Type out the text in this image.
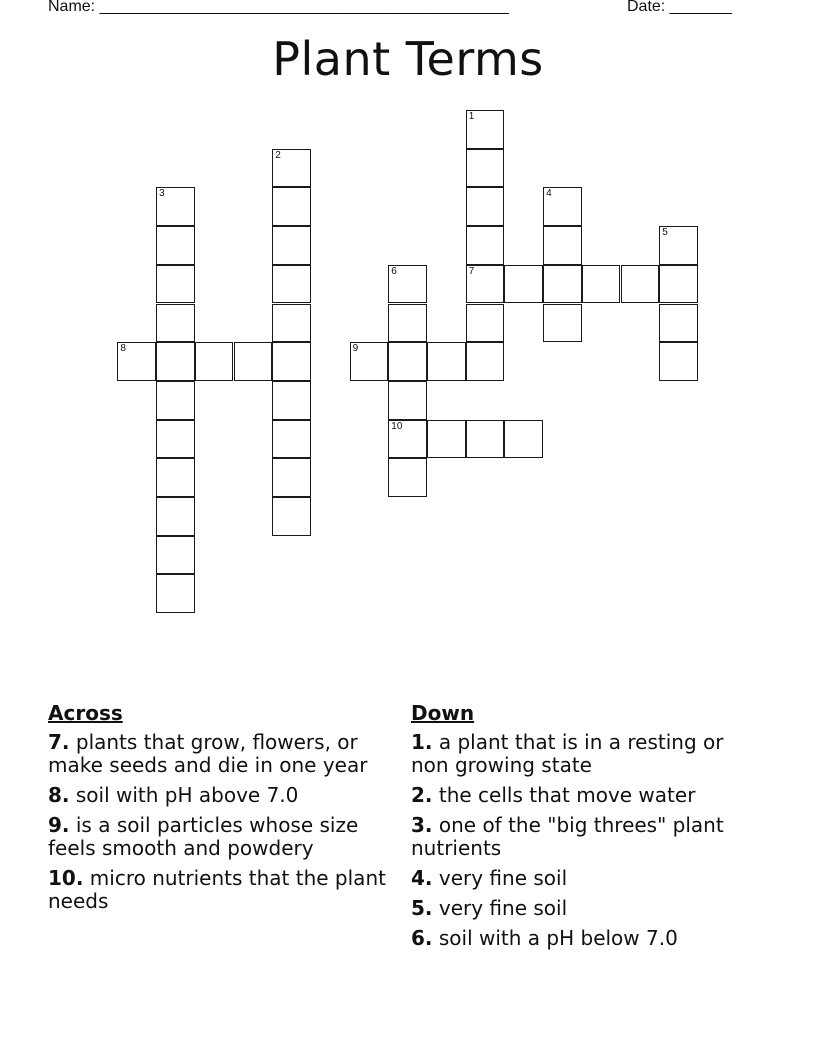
Name: ______________________________________________	Date: _______
Plant Terms
1
7
2
3	4
5
6
10
8	9
Across
7. plants that grow, flowers, or make seeds and die in one year
8. soil with pH above 7.0
9. is a soil particles whose size feels smooth and powdery
10. micro nutrients that the plant needs
Down
1. a plant that is in a resting or non growing state
2. the cells that move water
3. one of the "big threes" plant nutrients
4. very fine soil
5. very fine soil
6. soil with a pH below 7.0
